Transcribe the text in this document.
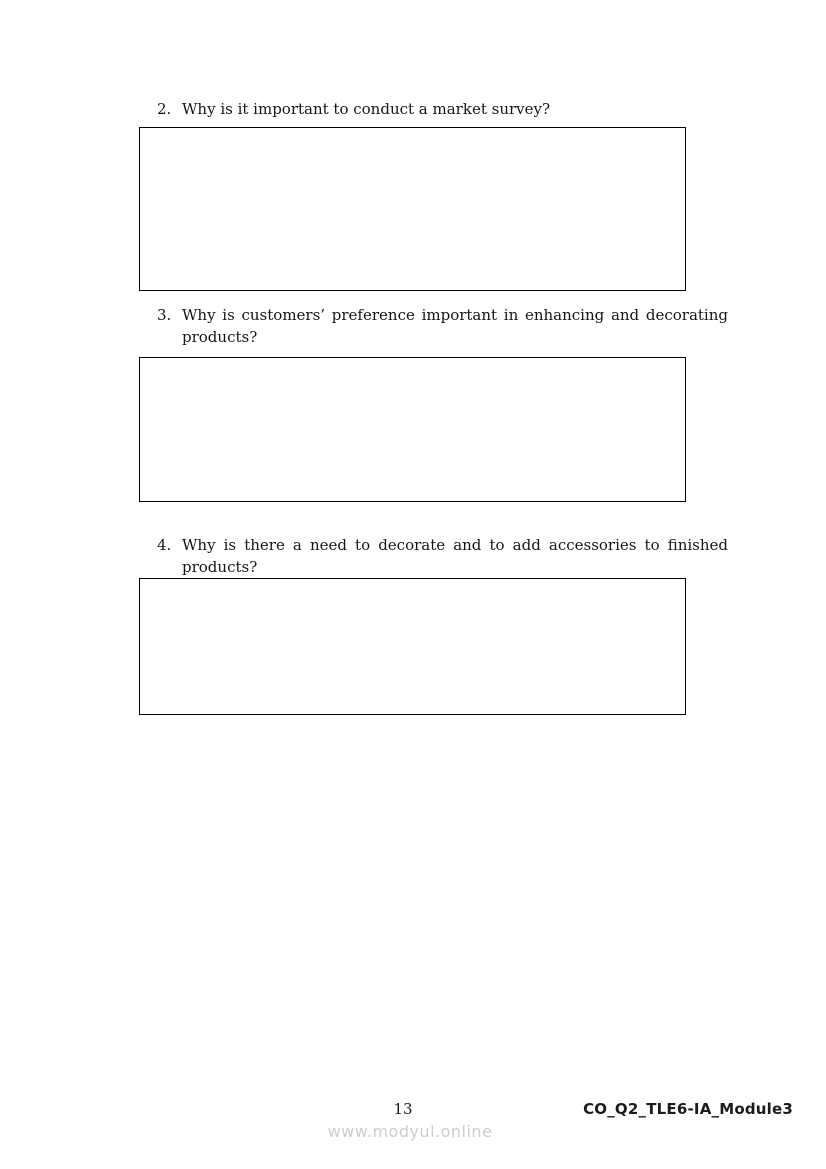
2. Why is it important to conduct a market survey?
3. Why is customers’ preference important in enhancing and decorating products?
4. Why is there a need to decorate and to add accessories to finished products?
13
www.modyul.online
CO_Q2_TLE6-IA_Module3
